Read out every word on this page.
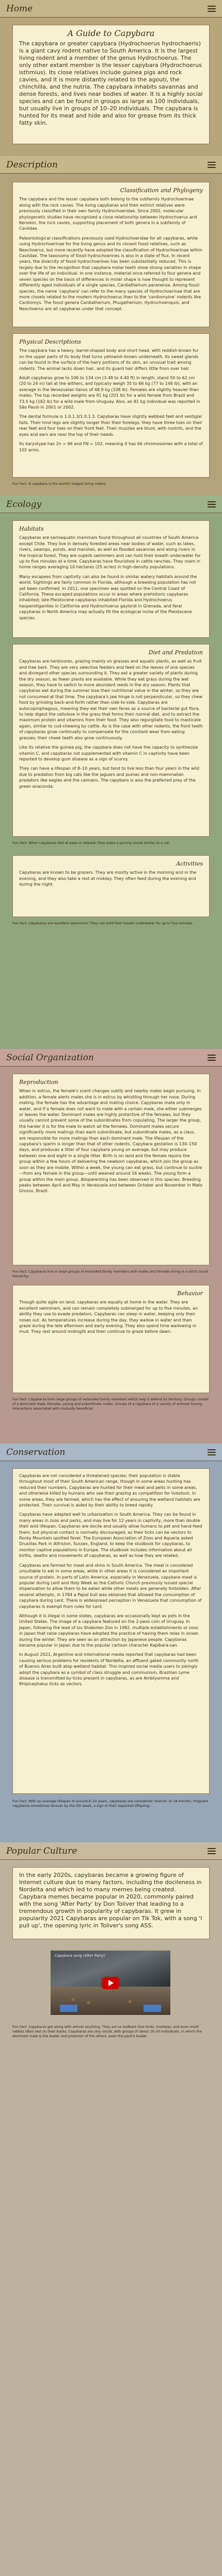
Home
A Guide to Capybara

The capybara or greater capybara (Hydrochoerus hydrochaeris) is a giant cavy rodent native to South America. It is the largest living rodent and a member of the genus Hydrochoerus. The only other extant member is the lesser capybara (Hydrochoerus isthmius). Its close relatives include guinea pigs and rock cavies, and it is more distantly related to the agouti, the chinchilla, and the nutria. The capybara inhabits savannas and dense forests, and lives near bodies of water. It is a highly social species and can be found in groups as large as 100 individuals, but usually live in groups of 10–20 individuals. The capybara is hunted for its meat and hide and also for grease from its thick fatty skin.

Description
Classification and Phylogeny

The capybara and the lesser capybara both belong to the subfamily Hydrochoerinae along with the rock cavies. The living capybaras and their extinct relatives were previously classified in their own family Hydrochoeridae. Since 2002, molecular phylogenetic studies have recognized a close relationship between Hydrochoerus and Kerodon, the rock cavies, supporting placement of both genera in a subfamily of Caviidae.

Paleontological classifications previously used Hydrochoeridae for all capybaras, while using Hydrochoerinae for the living genus and its closest fossil relatives, such as Neochoerus, but more recently have adopted the classification of Hydrochoerinae within Caviidae. The taxonomy of fossil hydrochoerines is also in a state of flux. In recent years, the diversity of fossil hydrochoerines has been substantially reduced. This is largely due to the recognition that capybara molar teeth show strong variation in shape over the life of an individual. In one instance, material once referred to four genera and seven species on the basis of differences in molar shape is now thought to represent differently aged individuals of a single species, Cardiatherium paranense. Among fossil species, the name 'capybara' can refer to the many species of Hydrochoerinae that are more closely related to the modern Hydrochoerus than to the 'cardiomyine' rodents like Cardiomys. The fossil genera Cardiatherium, Phugatherium, Hydrochoeropsis, and Neochoerus are all capybaras under that concept.

Physical Descriptions

The capybara has a heavy, barrel-shaped body and short head, with reddish-brown fur on the upper parts of its body that turns yellowish-brown underneath. Its sweat glands can be found in the surface of the hairy portions of its skin, an unusual trait among rodents. The animal lacks down hair, and its guard hair differs little from over hair.

Adult capybaras grow to 106 to 134 cm (3.48 to 4.40 ft) in length, stand 50 to 62 cm (20 to 24 in) tall at the withers, and typically weigh 35 to 66 kg (77 to 146 lb), with an average in the Venezuelan llanos of 48.9 kg (108 lb). Females are slightly heavier than males. The top recorded weights are 91 kg (201 lb) for a wild female from Brazil and 73.5 kg (162 lb) for a wild male from Uruguay. Also, an 81 kg individual was reported in São Paulo in 2001 or 2002.

The dental formula is 1.0.1.3/1.0.1.3. Capybaras have slightly webbed feet and vestigial tails. Their hind legs are slightly longer than their forelegs; they have three toes on their rear feet and four toes on their front feet. Their muzzles are blunt, with nostrils, and the eyes and ears are near the top of their heads.

Its karyotype has 2n = 66 and FN = 102, meaning it has 66 chromosomes with a total of 102 arms.

Fun Fact: A capybara is the world's largest living rodent.
Ecology
Habitats

Capybaras are semiaquatic mammals found throughout all countries of South America except Chile. They live in densely forested areas near bodies of water, such as lakes, rivers, swamps, ponds, and marshes, as well as flooded savannas and along rivers in the tropical forest. They are superb swimmers and can hold their breath underwater for up to five minutes at a time. Capybaras have flourished in cattle ranches. They roam in home ranges averaging 10 hectares (25 acres) in high-density populations.

Many escapees from captivity can also be found in similar watery habitats around the world. Sightings are fairly common in Florida, although a breeding population has not yet been confirmed. In 2011, one specimen was spotted on the Central Coast of California. These escaped populations occur in areas where prehistoric capybaras inhabited; late Pleistocene capybaras inhabited Florida and Hydrochoerus hesperotiganites in California and Hydrochoerus gaylordi in Grenada, and feral capybaras in North America may actually fill the ecological niche of the Pleistocene species.

Diet and Predation

Capybaras are herbivores, grazing mainly on grasses and aquatic plants, as well as fruit and tree bark. They are very selective feeders and feed on the leaves of one species and disregard other species surrounding it. They eat a greater variety of plants during the dry season, as fewer plants are available. While they eat grass during the wet season, they have to switch to more abundant reeds in the dry season. Plants that capybaras eat during the summer lose their nutritional value in the winter, so they are not consumed at that time. The capybara's jaw hinge is not perpendicular, so they chew food by grinding back-and-forth rather than side-to-side. Capybaras are autocoprophagous, meaning they eat their own feces as a source of bacterial gut flora, to help digest the cellulose in the grass that forms their normal diet, and to extract the maximum protein and vitamins from their food. They also regurgitate food to masticate again, similar to cud-chewing by cattle. As is the case with other rodents, the front teeth of capybaras grow continually to compensate for the constant wear from eating grasses; their cheek teeth also grow continuously.

Like its relative the guinea pig, the capybara does not have the capacity to synthesize vitamin C, and capybaras not supplemented with vitamin C in captivity have been reported to develop gum disease as a sign of scurvy.

They can have a lifespan of 8–10 years, but tend to live less than four years in the wild due to predation from big cats like the jaguars and pumas and non-mammalian predators like eagles and the caimans. The capybara is also the preferred prey of the green anaconda.

Fun Fact: When capybaras feel at ease or relaxed, they make a purring sound similar to a cat.
Activities

Capybaras are known to be grazers. They are mostly active in the morning and in the evening, and they also take a rest at midday. They often feed during the evening and during the night.

Fun Fact: Capybaras are excellent swimmers! They can hold their breath underwater for up to five minutes.
Social Organization
Reproduction

When in estrus, the female's scent changes subtly and nearby males begin pursuing. In addition, a female alerts males she is in estrus by whistling through her nose. During mating, the female has the advantage and mating choice. Capybaras mate only in water, and if a female does not want to mate with a certain male, she either submerges or leaves the water. Dominant males are highly protective of the females, but they usually cannot prevent some of the subordinates from copulating. The larger the group, the harder it is for the male to watch all the females. Dominant males secure significantly more matings than each subordinate, but subordinate males, as a class, are responsible for more matings than each dominant male. The lifespan of the capybara's sperm is longer than that of other rodents. Capybara gestation is 130–150 days, and produces a litter of four capybara young on average, but may produce between one and eight in a single litter. Birth is on land and the female rejoins the group within a few hours of delivering the newborn capybaras, which join the group as soon as they are mobile. Within a week, the young can eat grass, but continue to suckle—from any female in the group—until weaned around 16 weeks. The young form a group within the main group. Alloparenting has been observed in this species. Breeding peaks between April and May in Venezuela and between October and November in Mato Grosso, Brazil.

Fun Fact: Capybaras live in large groups of extended family members with males and females living in a strict social hierarchy.
Behavior

Though quite agile on land, capybaras are equally at home in the water. They are excellent swimmers, and can remain completely submerged for up to five minutes, an ability they use to evade predators. Capybaras can sleep in water, keeping only their noses out. As temperatures increase during the day, they wallow in water and then graze during the late afternoon and early evening. They also spend time wallowing in mud. They rest around midnight and then continue to graze before dawn.

Fun Fact: Capybaras form large groups of extended family members which help it defend its territory. Groups consist of a dominant male, females, young and subordinate males. Groups of a capybara of a variety of animals having interactions associated with mutually beneficial.
Conservation

Capybaras are not considered a threatened species; their population is stable throughout most of their South American range, though in some areas hunting has reduced their numbers. Capybaras are hunted for their meat and pelts in some areas, and otherwise killed by humans who see their grazing as competition for livestock. In some areas, they are farmed, which has the effect of ensuring the wetland habitats are protected. Their survival is aided by their ability to breed rapidly.

Capybaras have adapted well to urbanization in South America. They can be found in many areas in zoos and parks, and may live for 12 years in captivity, more than double their wild lifespan. Capybaras are docile and usually allow humans to pet and hand-feed them, but physical contact is normally discouraged, as their ticks can be vectors to Rocky Mountain spotted fever. The European Association of Zoos and Aquaria asked Drusillas Park in Alfriston, Sussex, England, to keep the studbook for capybaras, to monitor captive populations in Europe. The studbook includes information about all births, deaths and movements of capybaras, as well as how they are related.

Capybaras are farmed for meat and skins in South America. The meat is considered unsuitable to eat in some areas, while in other areas it is considered an important source of protein. In parts of Latin America, especially in Venezuela, capybara meat is popular during Lent and Holy Week as the Catholic Church previously issued special dispensation to allow them to be eaten while other meats are generally forbidden. After several attempts, in 1784 a Papal bull was obtained that allowed the consumption of capybara during Lent. There is widespread perception in Venezuela that consumption of capybaras is exempt from rules for Lent.

Although it is illegal in some states, capybaras are occasionally kept as pets in the United States. The image of a capybara featured on the 2-peso coin of Uruguay. In Japan, following the lead of Izu Shaboten Zoo in 1982, multiple establishments or zoos in Japan that raise capybaras have adopted the practice of having them relax in onsen during the winter. They are seen as an attraction by Japanese people. Capybaras became popular in Japan due to the popular cartoon character Kapibara-san.

In August 2021, Argentine and international media reported that capybaras had been causing serious problems for residents of Nordelta, an affluent gated community north of Buenos Aires built atop wetland habitat. This inspired social media users to jokingly adopt the capybara as a symbol of class struggle and communism. Brazilian Lyme disease is transmitted by ticks present in capybaras, as are Amblyomma and Rhipicephalus ticks as vectors.

Fun Fact: With an average lifespan of around 8–10 years, capybaras are considered 'mature' at 18 months. Pregnant capybaras sometimes recover by the 5th week, a sign of their expected offspring.
Popular Culture

In the early 2020s, capybaras became a growing figure of Internet culture due to many factors, including the docileness in Nordelta and which led to many memes being created. Capybara memes became popular in 2020, commonly paired with the song 'After Party' by Don Toliver that leading to a tremendous growth in popularity of capybaras. It grew in popularity 2021 Capybaras are popular on Tik Tok, with a song 'I pull up', the opening lyric in Toliver's song ASS.

Capybara song (After Party)
Fun Fact: Capybaras get along with almost anything. They are so laidback that birds, monkeys, and even small rabbits often rest on their backs. Capybaras are very social, with groups of about 10–20 individuals, in which the dominant male is the leader and protector of the others, even the pack's leader.
